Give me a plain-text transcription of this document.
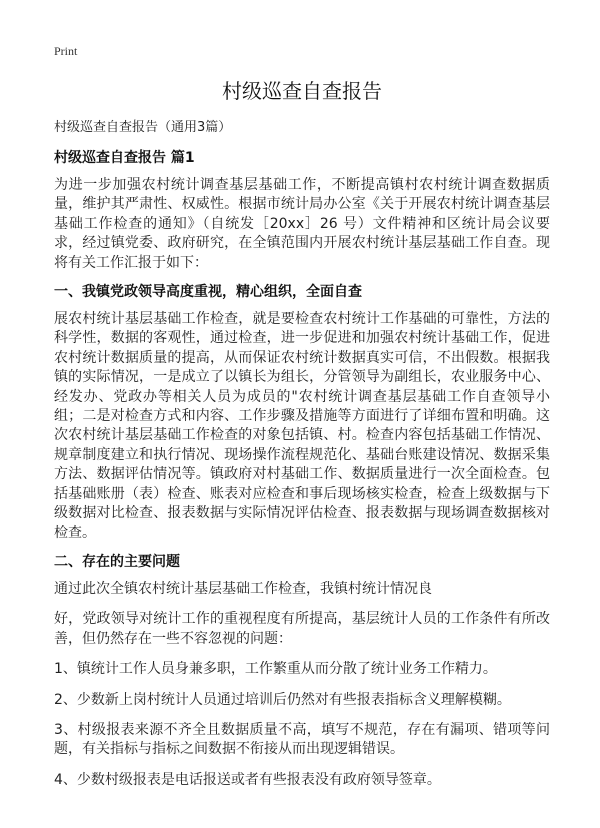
Print
村级巡查自查报告
村级巡查自查报告（通用3篇）
村级巡查自查报告 篇1

为进一步加强农村统计调查基层基础工作，不断提高镇村农村统计调查数据质量，维护其严肃性、权威性。根据市统计局办公室《关于开展农村统计调查基层基础工作检查的通知》（自统发［20xx］26 号）文件精神和区统计局会议要求，经过镇党委、政府研究，在全镇范围内开展农村统计基层基础工作自查。现将有关工作汇报于如下：

一、我镇党政领导高度重视，精心组织，全面自查

展农村统计基层基础工作检查，就是要检查农村统计工作基础的可靠性，方法的科学性，数据的客观性，通过检查，进一步促进和加强农村统计基础工作，促进农村统计数据质量的提高，从而保证农村统计数据真实可信，不出假数。根据我镇的实际情况，一是成立了以镇长为组长，分管领导为副组长，农业服务中心、经发办、党政办等相关人员为成员的"农村统计调查基层基础工作自查领导小组；二是对检查方式和内容、工作步骤及措施等方面进行了详细布置和明确。这次农村统计基层基础工作检查的对象包括镇、村。检查内容包括基础工作情况、规章制度建立和执行情况、现场操作流程规范化、基础台账建设情况、数据采集方法、数据评估情况等。镇政府对村基础工作、数据质量进行一次全面检查。包括基础账册（表）检查、账表对应检查和事后现场核实检查，检查上级数据与下级数据对比检查、报表数据与实际情况评估检查、报表数据与现场调查数据核对检查。

二、存在的主要问题

通过此次全镇农村统计基层基础工作检查，我镇村统计情况良

好，党政领导对统计工作的重视程度有所提高，基层统计人员的工作条件有所改善，但仍然存在一些不容忽视的问题：

1、镇统计工作人员身兼多职，工作繁重从而分散了统计业务工作精力。

2、少数新上岗村统计人员通过培训后仍然对有些报表指标含义理解模糊。

3、村级报表来源不齐全且数据质量不高，填写不规范，存在有漏项、错项等问题，有关指标与指标之间数据不衔接从而出现逻辑错误。

4、少数村级报表是电话报送或者有些报表没有政府领导签章。
